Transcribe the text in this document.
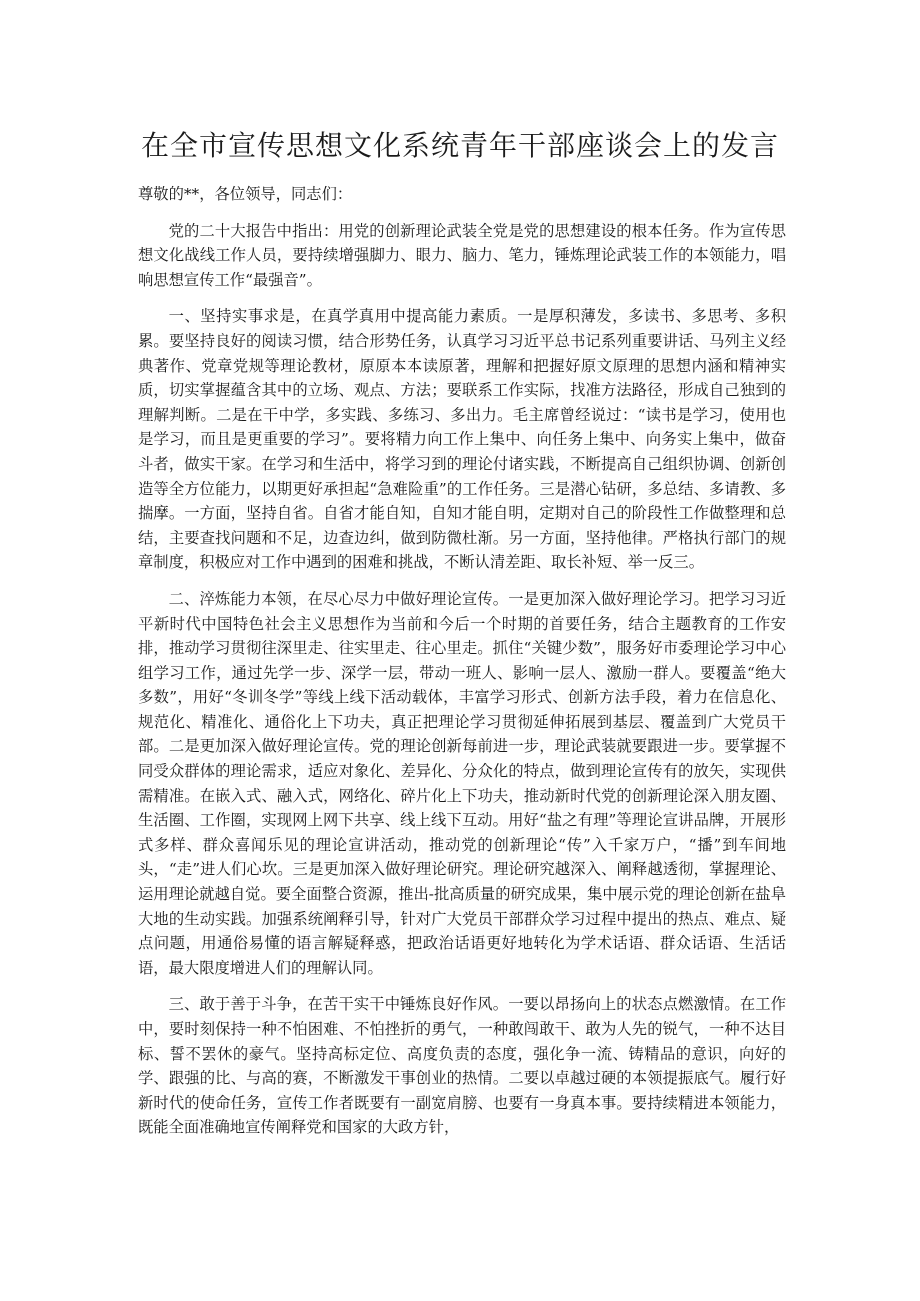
在全市宣传思想文化系统青年干部座谈会上的发言

尊敬的**，各位领导，同志们：

党的二十大报告中指出：用党的创新理论武装全党是党的思想建设的根本任务。作为宣传思想文化战线工作人员，要持续增强脚力、眼力、脑力、笔力，锤炼理论武装工作的本领能力，唱响思想宣传工作“最强音”。

一、坚持实事求是，在真学真用中提高能力素质。一是厚积薄发，多读书、多思考、多积累。要坚持良好的阅读习惯，结合形势任务，认真学习习近平总书记系列重要讲话、马列主义经典著作、党章党规等理论教材，原原本本读原著，理解和把握好原文原理的思想内涵和精神实质，切实掌握蕴含其中的立场、观点、方法；要联系工作实际，找准方法路径，形成自己独到的理解判断。二是在干中学，多实践、多练习、多出力。毛主席曾经说过：“读书是学习，使用也是学习，而且是更重要的学习”。要将精力向工作上集中、向任务上集中、向务实上集中，做奋斗者，做实干家。在学习和生活中，将学习到的理论付诸实践，不断提高自己组织协调、创新创造等全方位能力，以期更好承担起“急难险重”的工作任务。三是潜心钻研，多总结、多请教、多揣摩。一方面，坚持自省。自省才能自知，自知才能自明，定期对自己的阶段性工作做整理和总结，主要查找问题和不足，边查边纠，做到防微杜渐。另一方面，坚持他律。严格执行部门的规章制度，积极应对工作中遇到的困难和挑战，不断认清差距、取长补短、举一反三。

二、淬炼能力本领，在尽心尽力中做好理论宣传。一是更加深入做好理论学习。把学习习近平新时代中国特色社会主义思想作为当前和今后一个时期的首要任务，结合主题教育的工作安排，推动学习贯彻往深里走、往实里走、往心里走。抓住“关键少数”，服务好市委理论学习中心组学习工作，通过先学一步、深学一层，带动一班人、影响一层人、激励一群人。要覆盖“绝大多数”，用好“冬训冬学”等线上线下活动载体，丰富学习形式、创新方法手段，着力在信息化、规范化、精准化、通俗化上下功夫，真正把理论学习贯彻延伸拓展到基层、覆盖到广大党员干部。二是更加深入做好理论宣传。党的理论创新每前进一步，理论武装就要跟进一步。要掌握不同受众群体的理论需求，适应对象化、差异化、分众化的特点，做到理论宣传有的放矢，实现供需精准。在嵌入式、融入式，网络化、碎片化上下功夫，推动新时代党的创新理论深入朋友圈、生活圈、工作圈，实现网上网下共享、线上线下互动。用好“盐之有理”等理论宣讲品牌，开展形式多样、群众喜闻乐见的理论宣讲活动，推动党的创新理论“传”入千家万户，“播”到车间地头，“走”进人们心坎。三是更加深入做好理论研究。理论研究越深入、阐释越透彻，掌握理论、运用理论就越自觉。要全面整合资源，推出-批高质量的研究成果，集中展示党的理论创新在盐阜大地的生动实践。加强系统阐释引导，针对广大党员干部群众学习过程中提出的热点、难点、疑点问题，用通俗易懂的语言解疑释惑，把政治话语更好地转化为学术话语、群众话语、生活话语，最大限度增进人们的理解认同。

三、敢于善于斗争，在苦干实干中锤炼良好作风。一要以昂扬向上的状态点燃激情。在工作中，要时刻保持一种不怕困难、不怕挫折的勇气，一种敢闯敢干、敢为人先的锐气，一种不达目标、誓不罢休的豪气。坚持高标定位、高度负责的态度，强化争一流、铸精品的意识，向好的学、跟强的比、与高的赛，不断激发干事创业的热情。二要以卓越过硬的本领提振底气。履行好新时代的使命任务，宣传工作者既要有一副宽肩膀、也要有一身真本事。要持续精进本领能力，既能全面准确地宣传阐释党和国家的大政方针，
